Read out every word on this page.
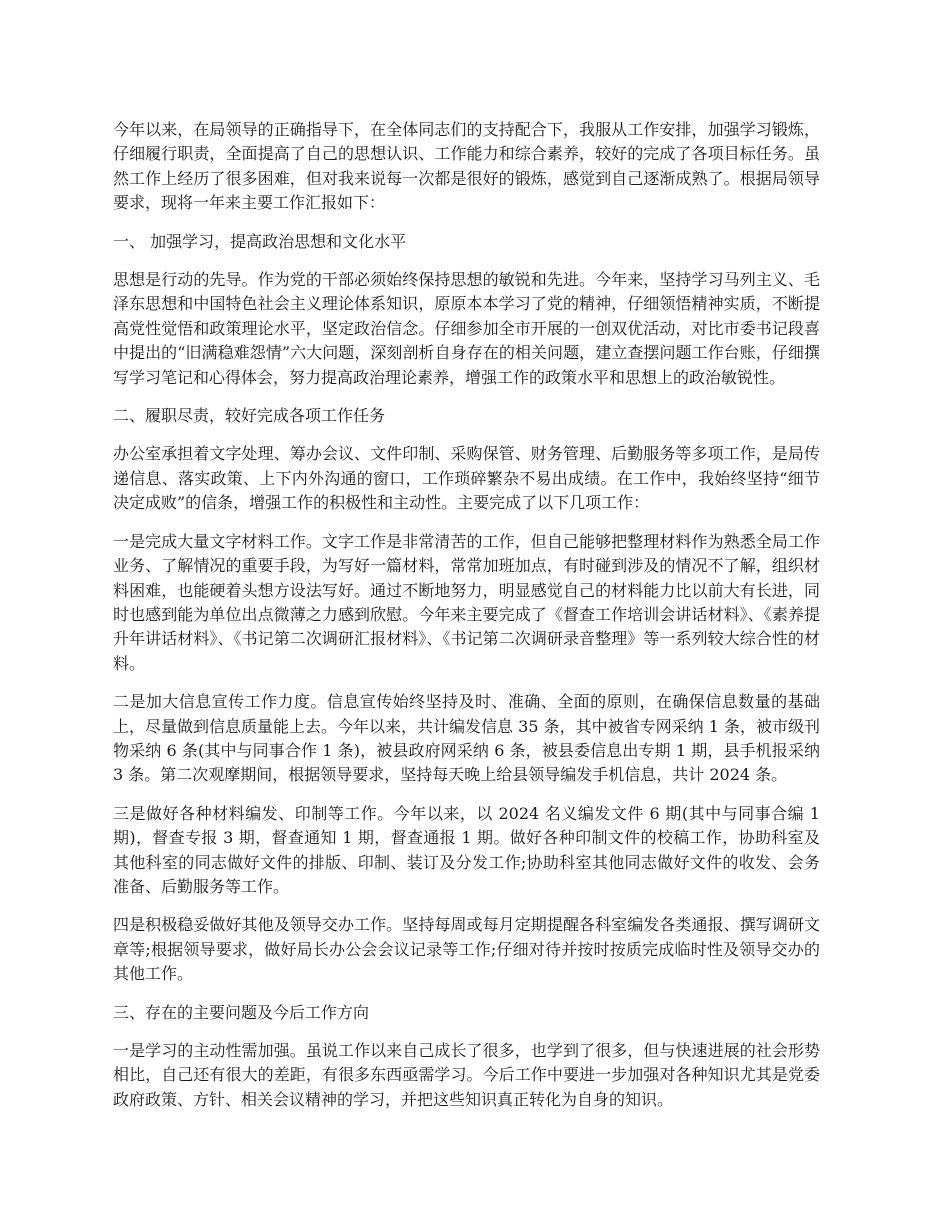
今年以来，在局领导的正确指导下，在全体同志们的支持配合下，我服从工作安排，加强学习锻炼，仔细履行职责，全面提高了自己的思想认识、工作能力和综合素养，较好的完成了各项目标任务。虽然工作上经历了很多困难，但对我来说每一次都是很好的锻炼，感觉到自己逐渐成熟了。根据局领导要求，现将一年来主要工作汇报如下：

一、 加强学习，提高政治思想和文化水平

思想是行动的先导。作为党的干部必须始终保持思想的敏锐和先进。今年来，坚持学习马列主义、毛泽东思想和中国特色社会主义理论体系知识，原原本本学习了党的精神，仔细领悟精神实质，不断提高党性觉悟和政策理论水平，坚定政治信念。仔细参加全市开展的一创双优活动，对比市委书记段喜中提出的“旧满稳难怨情”六大问题，深刻剖析自身存在的相关问题，建立查摆问题工作台账，仔细撰写学习笔记和心得体会，努力提高政治理论素养，增强工作的政策水平和思想上的政治敏锐性。

二、履职尽责，较好完成各项工作任务

办公室承担着文字处理、筹办会议、文件印制、采购保管、财务管理、后勤服务等多项工作，是局传递信息、落实政策、上下内外沟通的窗口，工作琐碎繁杂不易出成绩。在工作中，我始终坚持“细节决定成败”的信条，增强工作的积极性和主动性。主要完成了以下几项工作：

一是完成大量文字材料工作。文字工作是非常清苦的工作，但自己能够把整理材料作为熟悉全局工作业务、了解情况的重要手段，为写好一篇材料，常常加班加点，有时碰到涉及的情况不了解，组织材料困难，也能硬着头想方设法写好。通过不断地努力，明显感觉自己的材料能力比以前大有长进，同时也感到能为单位出点微薄之力感到欣慰。今年来主要完成了《督查工作培训会讲话材料》、《素养提升年讲话材料》、《书记第二次调研汇报材料》、《书记第二次调研录音整理》等一系列较大综合性的材料。

二是加大信息宣传工作力度。信息宣传始终坚持及时、准确、全面的原则，在确保信息数量的基础上，尽量做到信息质量能上去。今年以来，共计编发信息 35 条，其中被省专网采纳 1 条，被市级刊物采纳 6 条(其中与同事合作 1 条)，被县政府网采纳 6 条，被县委信息出专期 1 期，县手机报采纳 3 条。第二次观摩期间，根据领导要求，坚持每天晚上给县领导编发手机信息，共计 2024 条。

三是做好各种材料编发、印制等工作。今年以来，以 2024 名义编发文件 6 期(其中与同事合编 1 期)，督查专报 3 期，督查通知 1 期，督查通报 1 期。做好各种印制文件的校稿工作，协助科室及其他科室的同志做好文件的排版、印制、装订及分发工作;协助科室其他同志做好文件的收发、会务准备、后勤服务等工作。

四是积极稳妥做好其他及领导交办工作。坚持每周或每月定期提醒各科室编发各类通报、撰写调研文章等;根据领导要求，做好局长办公会会议记录等工作;仔细对待并按时按质完成临时性及领导交办的其他工作。

三、存在的主要问题及今后工作方向

一是学习的主动性需加强。虽说工作以来自己成长了很多，也学到了很多，但与快速进展的社会形势相比，自己还有很大的差距，有很多东西亟需学习。今后工作中要进一步加强对各种知识尤其是党委政府政策、方针、相关会议精神的学习，并把这些知识真正转化为自身的知识。
